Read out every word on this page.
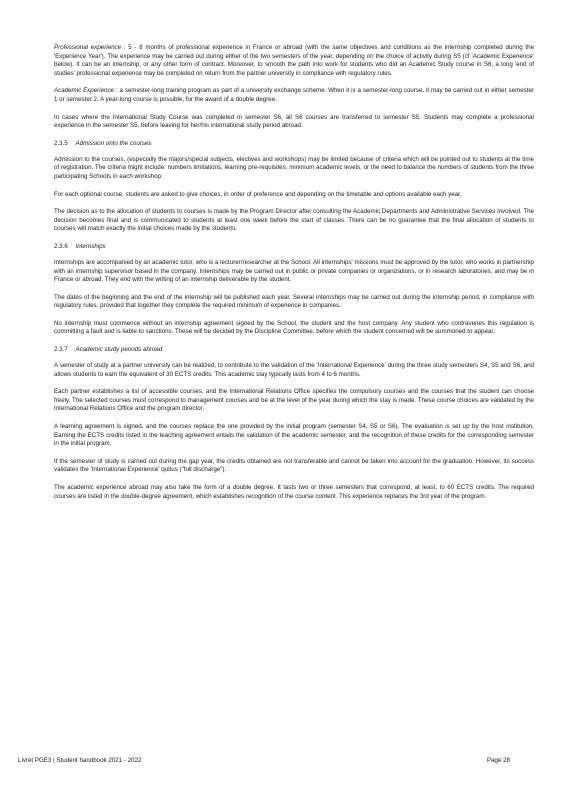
Professional experience : 5 - 8 months of professional experience in France or abroad (with the same objectives and conditions as the internship completed during the 'Experience Year'). The experience may be carried out during either of the two semesters of the year, depending on the choice of activity during S5 (cf 'Academic Experience' below). It can be an internship, or any other form of contract. Moreover, to smooth the path into work for students who did an Academic Study course in S6, a long 'end of studies' professional experience may be completed on return from the partner university in compliance with regulatory rules.

Academic Experience : a semester-long training program as part of a university exchange scheme. When it is a semester-long course, it may be carried out in either semester 1 or semester 2. A year-long course is possible, for the award of a double degree.

In cases where the International Study Course was completed in semester S6, all S6 courses are transferred to semester S5. Students may complete a professional experience in the semester S5, before leaving for her/his international study period abroad.

2.3.5 Admission onto the courses

Admission to the courses, (especially the majors/special subjects, electives and workshops) may be limited because of criteria which will be pointed out to students at the time of registration. The criteria might include: numbers limitations, learning pre-requisites, minimum academic levels, or the need to balance the numbers of students from the three participating Schools in each workshop.

For each optional course, students are asked to give choices, in order of preference and depending on the timetable and options available each year.

The decision as to the allocation of students to courses is made by the Program Director after consulting the Academic Departments and Administrative Services involved. The decision becomes final and is communicated to students at least one week before the start of classes. There can be no guarantee that the final allocation of students to courses will match exactly the initial choices made by the students.

2.3.6 Internships

Internships are accompanied by an academic tutor, who is a lecturer/researcher at the School. All internships' missions must be approved by the tutor, who works in partnership with an internship supervisor based in the company. Internships may be carried out in public or private companies or organizations, or in research laboratories, and may be in France or abroad. They end with the writing of an internship deliverable by the student.

The dates of the beginning and the end of the internship will be published each year. Several internships may be carried out during the internship period, in compliance with regulatory rules, provided that together they complete the required minimum of experience in companies.

No internship must commence without an internship agreement signed by the School, the student and the host company. Any student who contravenes this regulation is committing a fault and is liable to sanctions. These will be decided by the Discipline Committee, before which the student concerned will be summoned to appear.

2.3.7 Academic study periods abroad

A semester of study at a partner university can be realized, to contribute to the validation of the 'International Experience' during the three study semesters S4, S5 and S6, and allows students to earn the equivalent of 30 ECTS credits. This academic stay typically lasts from 4 to 6 months.

Each partner establishes a list of accessible courses, and the International Relations Office specifies the compulsory courses and the courses that the student can choose freely. The selected courses must correspond to management courses and be at the level of the year during which the stay is made. These course choices are validated by the International Relations Office and the program director.

A learning agreement is signed, and the courses replace the one provided by the initial program (semester S4, S5 or S6). The evaluation is set up by the host institution. Earning the ECTS credits listed in the teaching agreement entails the validation of the academic semester, and the recognition of these credits for the corresponding semester in the initial program.

If the semester of study is carried out during the gap year, the credits obtained are not transferable and cannot be taken into account for the graduation. However, its success validates the 'International Experience' quitus ("full discharge").

The academic experience abroad may also take the form of a double degree. It lasts two or three semesters that correspond, at least, to 60 ECTS credits. The required courses are listed in the double-degree agreement, which establishes recognition of the course content. This experience replaces the 3rd year of the program.

Livret PGE3 | Student handbook 2021 - 2022	Page 28
